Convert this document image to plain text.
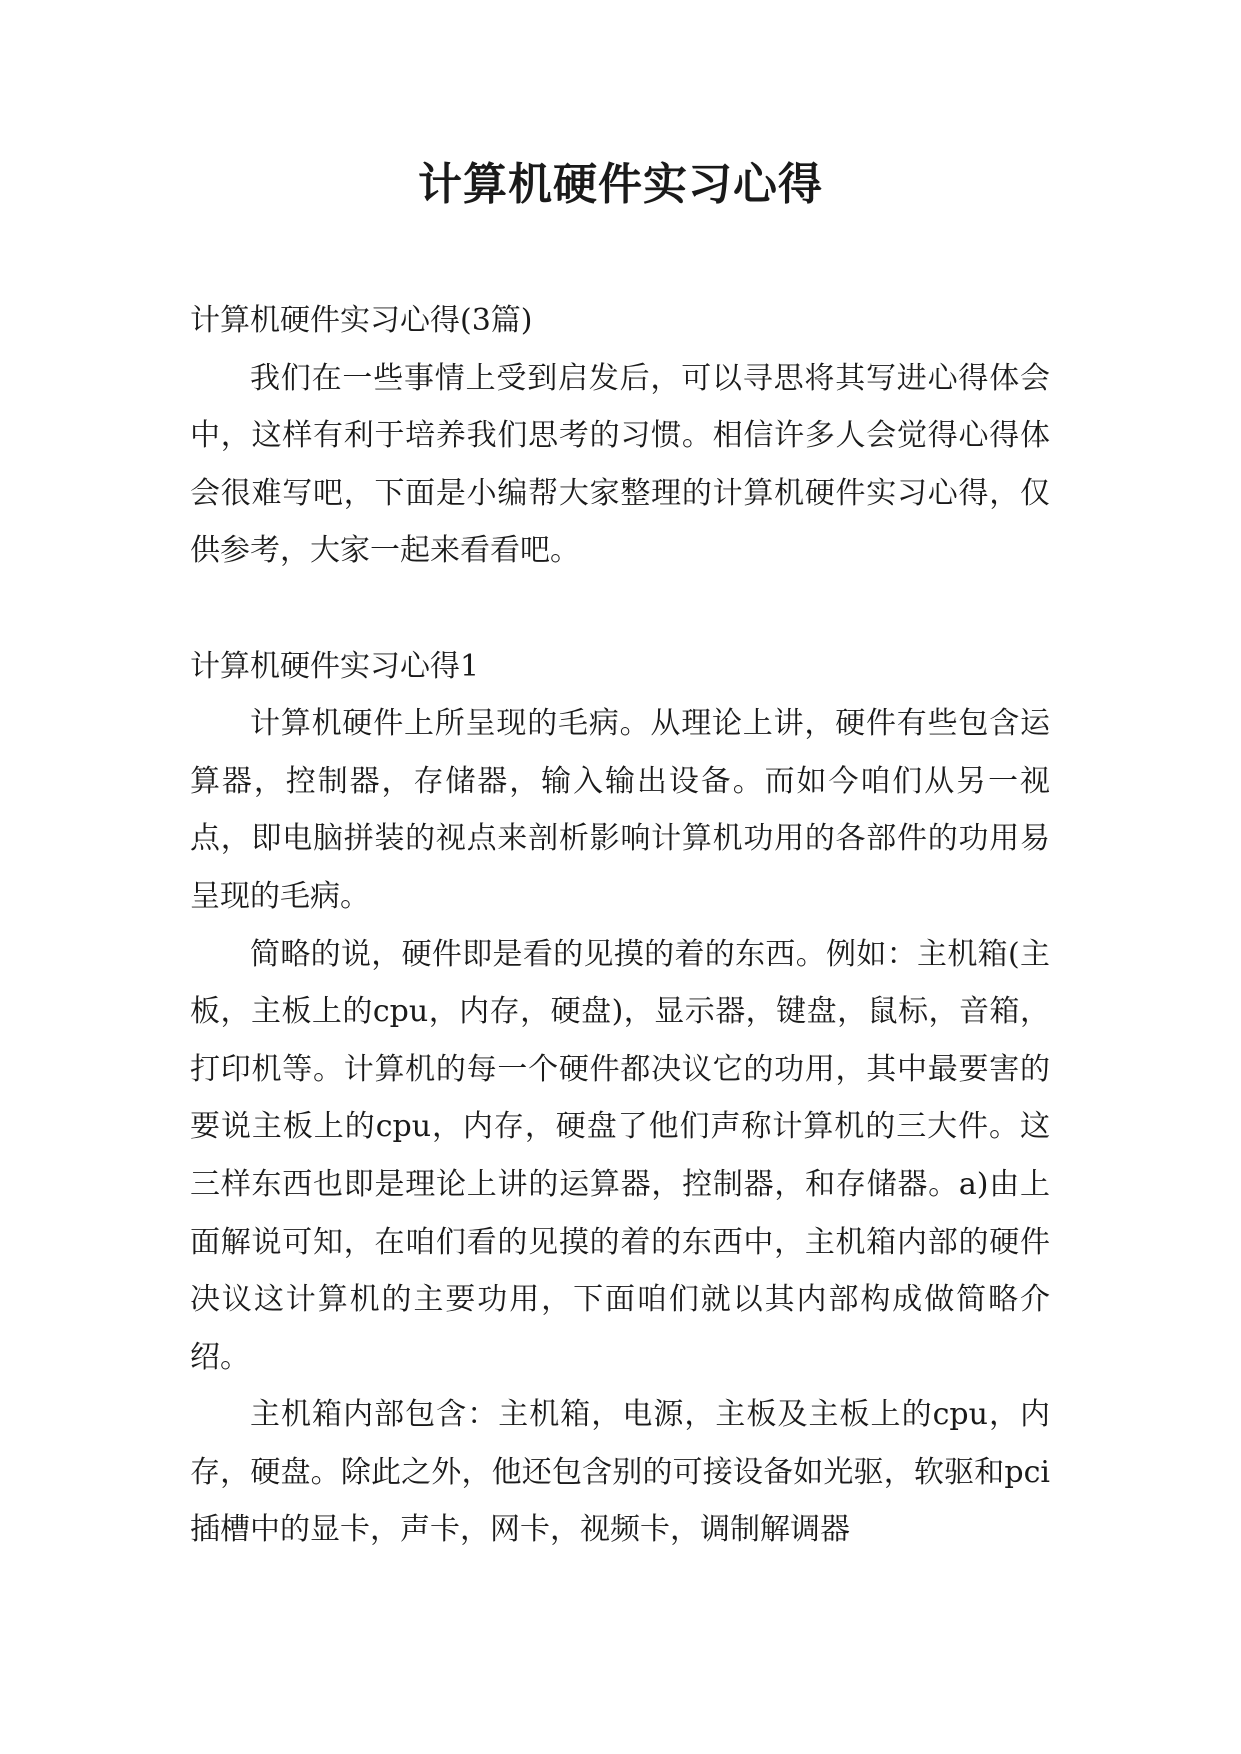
计算机硬件实习心得

计算机硬件实习心得(3篇)

我们在一些事情上受到启发后，可以寻思将其写进心得体会中，这样有利于培养我们思考的习惯。相信许多人会觉得心得体会很难写吧，下面是小编帮大家整理的计算机硬件实习心得，仅供参考，大家一起来看看吧。

计算机硬件实习心得1

计算机硬件上所呈现的毛病。从理论上讲，硬件有些包含运算器，控制器，存储器，输入输出设备。而如今咱们从另一视点，即电脑拼装的视点来剖析影响计算机功用的各部件的功用易呈现的毛病。

简略的说，硬件即是看的见摸的着的东西。例如：主机箱(主板，主板上的cpu，内存，硬盘)，显示器，键盘，鼠标，音箱，打印机等。计算机的每一个硬件都决议它的功用，其中最要害的要说主板上的cpu，内存，硬盘了他们声称计算机的三大件。这三样东西也即是理论上讲的运算器，控制器，和存储器。a)由上面解说可知，在咱们看的见摸的着的东西中，主机箱内部的硬件决议这计算机的主要功用，下面咱们就以其内部构成做简略介绍。

主机箱内部包含：主机箱，电源，主板及主板上的cpu，内存，硬盘。除此之外，他还包含别的可接设备如光驱，软驱和pci插槽中的显卡，声卡，网卡，视频卡，调制解调器
